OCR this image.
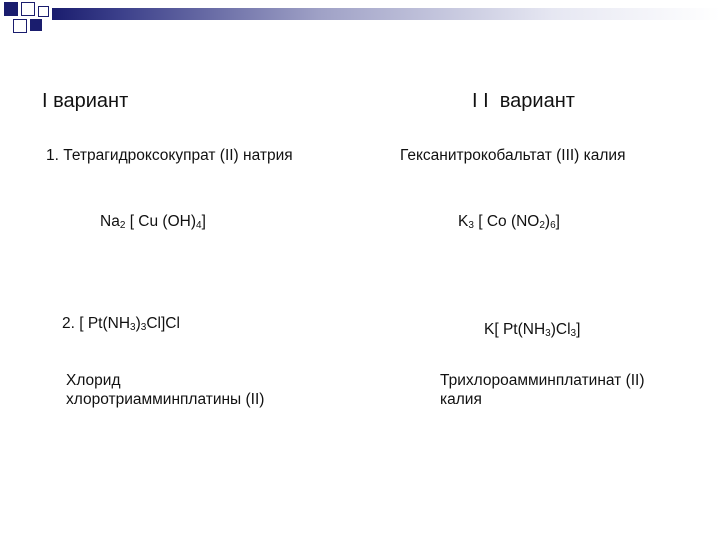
I вариант
1. Тетрагидроксокупрат (II) натрия
$Na_2$ [ Cu $(OH)_4$]
2. [ $Pt(NH_3)_3Cl]Cl$
Хлорид
хлоротриамминплатины (II)
I I  вариант
Гексанитрокобальтат (III) калия
$K_3$ [ Co $(NO_2)_6$]
K[ $Pt(NH_3)Cl_3$]
Трихлороамминплатинат (II)
калия
